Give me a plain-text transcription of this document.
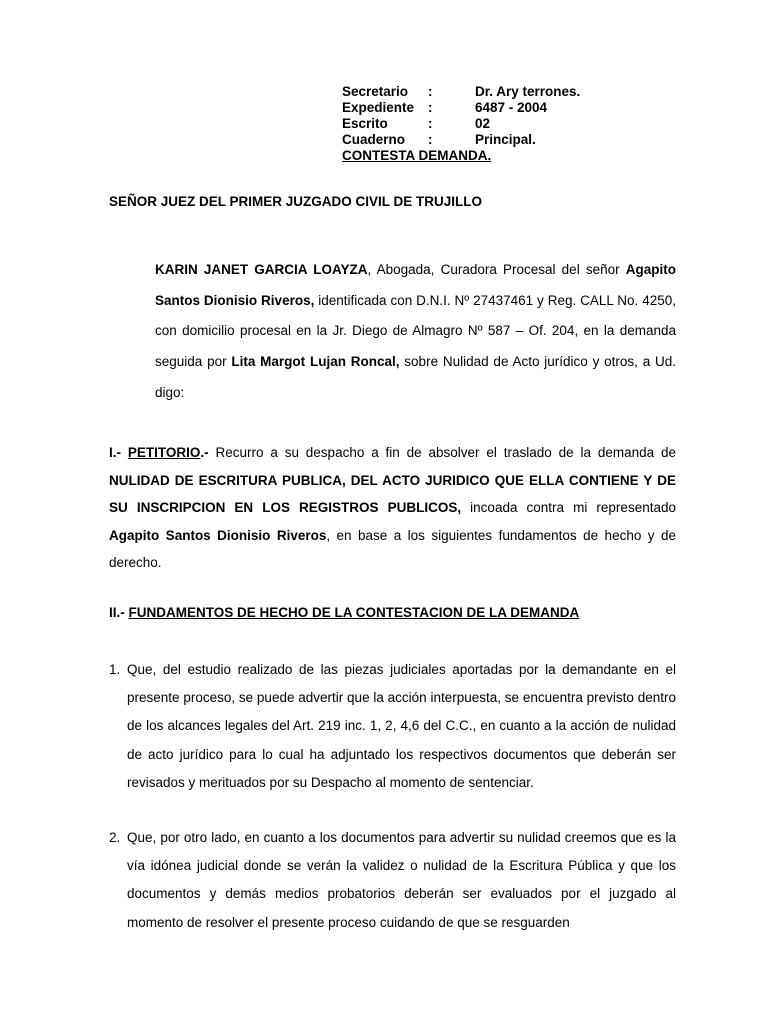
Secretario	:	Dr. Ary terrones.
Expediente	:	6487 - 2004
Escrito	:	02
Cuaderno	:	Principal.
CONTESTA DEMANDA.
SEÑOR JUEZ DEL PRIMER JUZGADO CIVIL DE TRUJILLO
KARIN JANET GARCIA LOAYZA, Abogada, Curadora Procesal del señor Agapito Santos Dionisio Riveros, identificada con D.N.I. Nº 27437461 y Reg. CALL No. 4250, con domicilio procesal en la Jr. Diego de Almagro Nº 587 – Of. 204, en la demanda seguida por Lita Margot Lujan Roncal, sobre Nulidad de Acto jurídico y otros, a Ud. digo:
I.- PETITORIO.- Recurro a su despacho a fin de absolver el traslado de la demanda de NULIDAD DE ESCRITURA PUBLICA, DEL ACTO JURIDICO QUE ELLA CONTIENE Y DE SU INSCRIPCION EN LOS REGISTROS PUBLICOS, incoada contra mi representado Agapito Santos Dionisio Riveros, en base a los siguientes fundamentos de hecho y de derecho.
II.- FUNDAMENTOS DE HECHO DE LA CONTESTACION DE LA DEMANDA
1. Que, del estudio realizado de las piezas judiciales aportadas por la demandante en el presente proceso, se puede advertir que la acción interpuesta, se encuentra previsto dentro de los alcances legales del Art. 219 inc. 1, 2, 4,6 del C.C., en cuanto a la acción de nulidad de acto jurídico para lo cual ha adjuntado los respectivos documentos que deberán ser revisados y merituados por su Despacho al momento de sentenciar.
2. Que, por otro lado, en cuanto a los documentos para advertir su nulidad creemos que es la vía idónea judicial donde se verán la validez o nulidad de la Escritura Pública y que los documentos y demás medios probatorios deberán ser evaluados por el juzgado al momento de resolver el presente proceso cuidando de que se resguarden
